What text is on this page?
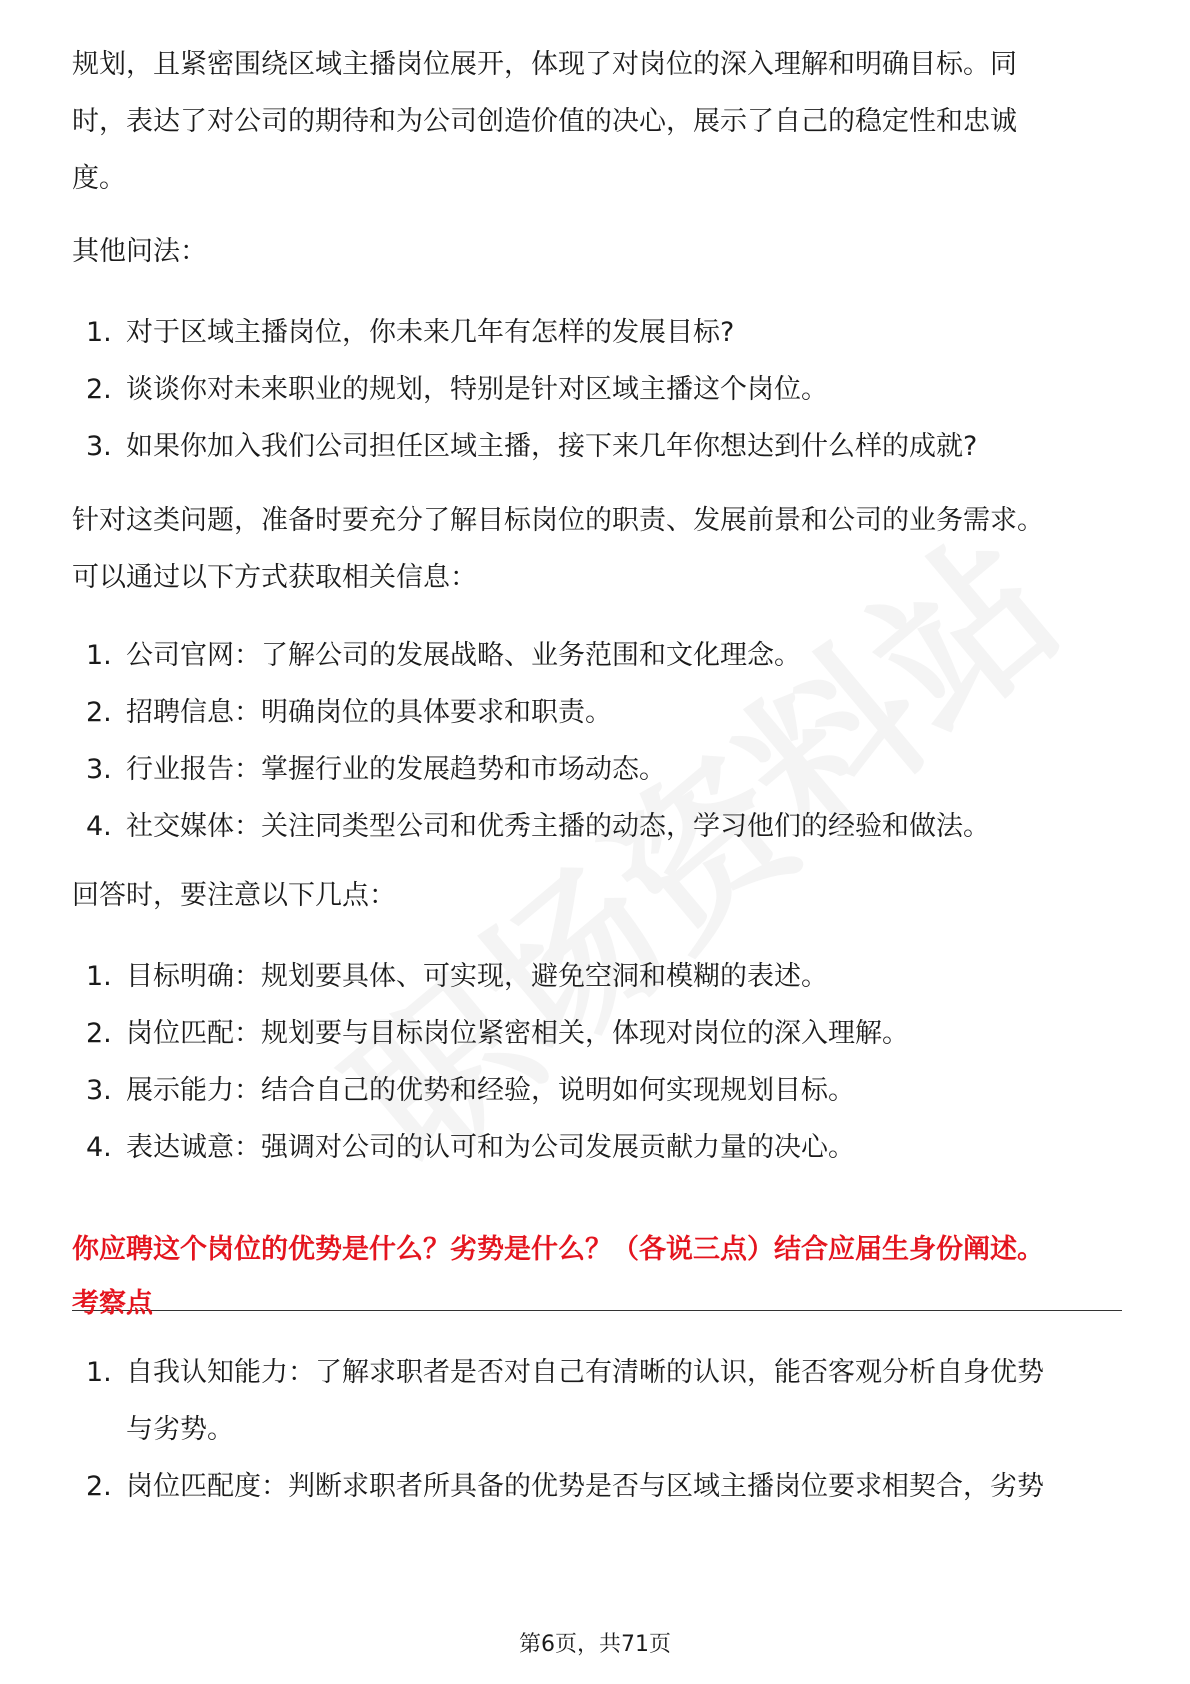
规划，且紧密围绕区域主播岗位展开，体现了对岗位的深入理解和明确目标。同
时，表达了对公司的期待和为公司创造价值的决心，展示了自己的稳定性和忠诚
度。

其他问法：

1. 对于区域主播岗位，你未来几年有怎样的发展目标?
2. 谈谈你对未来职业的规划，特别是针对区域主播这个岗位。
3. 如果你加入我们公司担任区域主播，接下来几年你想达到什么样的成就?

针对这类问题，准备时要充分了解目标岗位的职责、发展前景和公司的业务需求。
可以通过以下方式获取相关信息：

1. 公司官网：了解公司的发展战略、业务范围和文化理念。
2. 招聘信息：明确岗位的具体要求和职责。
3. 行业报告：掌握行业的发展趋势和市场动态。
4. 社交媒体：关注同类型公司和优秀主播的动态，学习他们的经验和做法。

回答时，要注意以下几点：

1. 目标明确：规划要具体、可实现，避免空洞和模糊的表述。
2. 岗位匹配：规划要与目标岗位紧密相关，体现对岗位的深入理解。
3. 展示能力：结合自己的优势和经验，说明如何实现规划目标。
4. 表达诚意：强调对公司的认可和为公司发展贡献力量的决心。

你应聘这个岗位的优势是什么？劣势是什么？（各说三点）结合应届生身份阐述。

考察点

1. 自我认知能力：了解求职者是否对自己有清晰的认识，能否客观分析自身优势
与劣势。
2. 岗位匹配度：判断求职者所具备的优势是否与区域主播岗位要求相契合，劣势
第6页，共71页
